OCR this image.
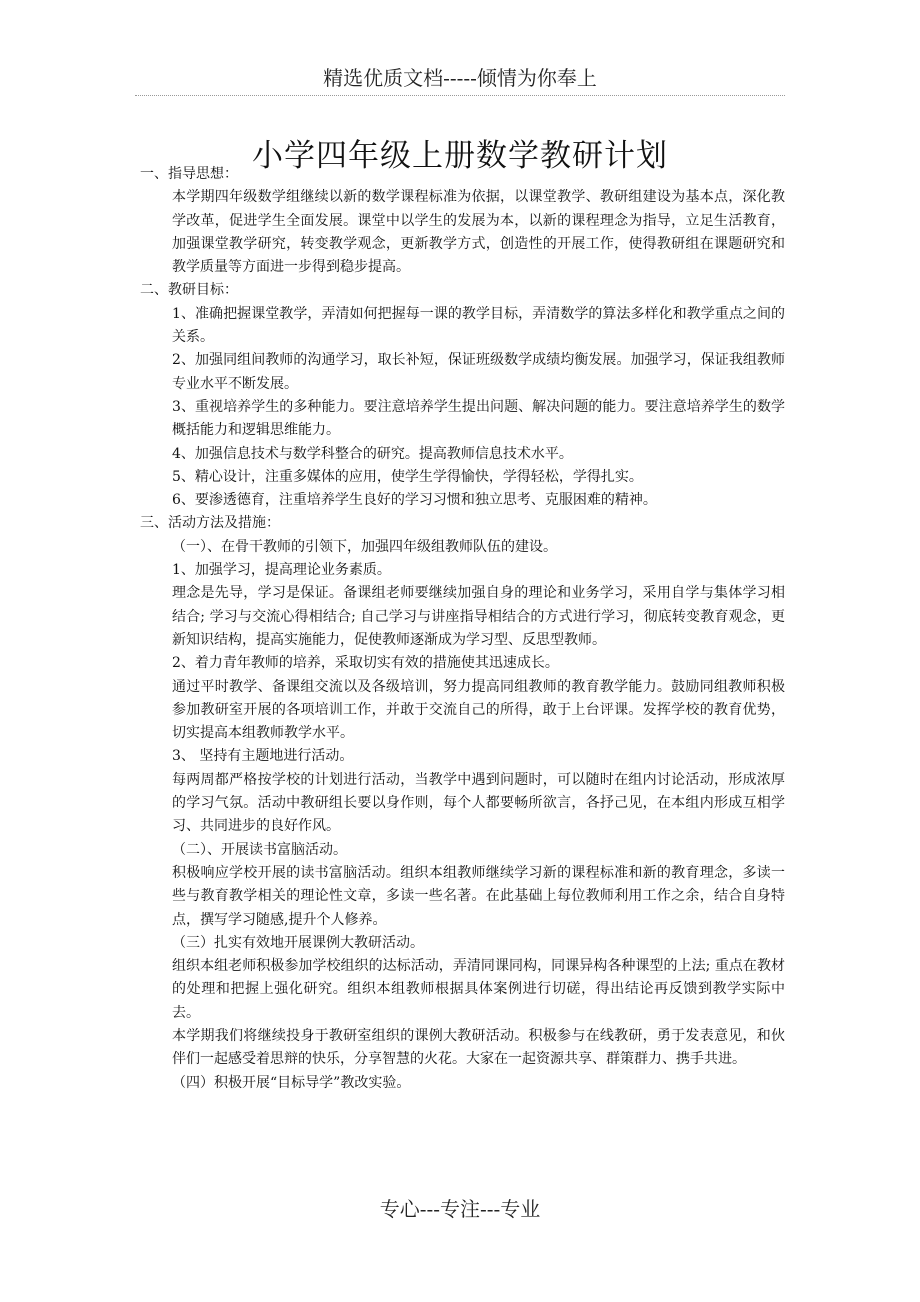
精选优质文档-----倾情为你奉上
小学四年级上册数学教研计划

一、指导思想：

本学期四年级数学组继续以新的数学课程标准为依据，以课堂教学、教研组建设为基本点，深化教学改革，促进学生全面发展。课堂中以学生的发展为本，以新的课程理念为指导，立足生活教育，加强课堂教学研究，转变教学观念，更新教学方式，创造性的开展工作，使得教研组在课题研究和教学质量等方面进一步得到稳步提高。

二、教研目标：

1、准确把握课堂教学，弄清如何把握每一课的教学目标，弄清数学的算法多样化和教学重点之间的关系。

2、加强同组间教师的沟通学习，取长补短，保证班级数学成绩均衡发展。加强学习，保证我组教师专业水平不断发展。

3、重视培养学生的多种能力。要注意培养学生提出问题、解决问题的能力。要注意培养学生的数学概括能力和逻辑思维能力。

4、加强信息技术与数学科整合的研究。提高教师信息技术水平。

5、精心设计，注重多媒体的应用，使学生学得愉快，学得轻松，学得扎实。

6、要渗透德育，注重培养学生良好的学习习惯和独立思考、克服困难的精神。

三、活动方法及措施：

（一）、在骨干教师的引领下，加强四年级组教师队伍的建设。

1、加强学习，提高理论业务素质。

理念是先导，学习是保证。备课组老师要继续加强自身的理论和业务学习，采用自学与集体学习相结合; 学习与交流心得相结合; 自己学习与讲座指导相结合的方式进行学习，彻底转变教育观念，更新知识结构，提高实施能力，促使教师逐渐成为学习型、反思型教师。

2、着力青年教师的培养，采取切实有效的措施使其迅速成长。

通过平时教学、备课组交流以及各级培训，努力提高同组教师的教育教学能力。鼓励同组教师积极参加教研室开展的各项培训工作，并敢于交流自己的所得，敢于上台评课。发挥学校的教育优势，切实提高本组教师教学水平。

3、 坚持有主题地进行活动。

每两周都严格按学校的计划进行活动，当教学中遇到问题时，可以随时在组内讨论活动，形成浓厚的学习气氛。活动中教研组长要以身作则，每个人都要畅所欲言，各抒己见，在本组内形成互相学习、共同进步的良好作风。

（二）、开展读书富脑活动。

积极响应学校开展的读书富脑活动。组织本组教师继续学习新的课程标准和新的教育理念，多读一些与教育教学相关的理论性文章，多读一些名著。在此基础上每位教师利用工作之余，结合自身特点，撰写学习随感,提升个人修养。

（三）扎实有效地开展课例大教研活动。

组织本组老师积极参加学校组织的达标活动，弄清同课同构，同课异构各种课型的上法; 重点在教材的处理和把握上强化研究。组织本组教师根据具体案例进行切磋，得出结论再反馈到教学实际中去。

本学期我们将继续投身于教研室组织的课例大教研活动。积极参与在线教研，勇于发表意见，和伙伴们一起感受着思辩的快乐，分享智慧的火花。大家在一起资源共享、群策群力、携手共进。

（四）积极开展“目标导学”教改实验。

专心---专注---专业
